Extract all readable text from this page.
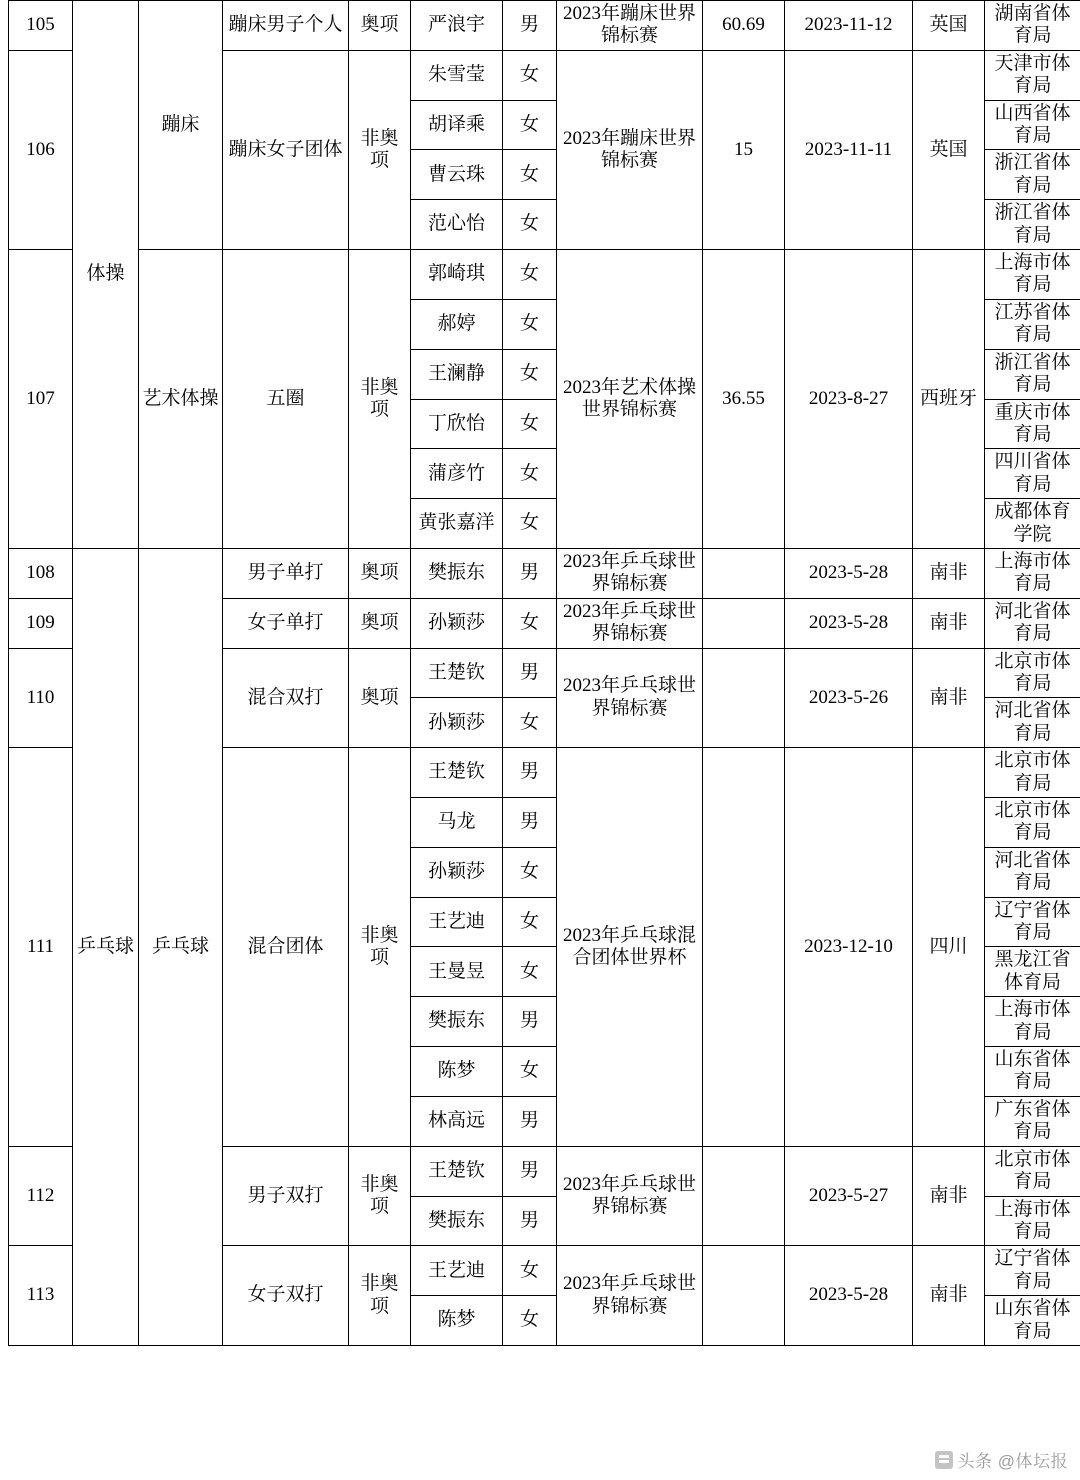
105	体操	蹦床	蹦床男子个人	奥项	严浪宇	男	2023年蹦床世界锦标赛	60.69	2023-11-12	英国	湖南省体育局
106			蹦床女子团体	非奥项	朱雪莹	女	2023年蹦床世界锦标赛	15	2023-11-11	英国	天津市体育局
					胡译乘	女					山西省体育局
					曹云珠	女					浙江省体育局
					范心怡	女					浙江省体育局
107		艺术体操	五圈	非奥项	郭崎琪	女	2023年艺术体操世界锦标赛	36.55	2023-8-27	西班牙	上海市体育局
					郝婷	女					江苏省体育局
					王澜静	女					浙江省体育局
					丁欣怡	女					重庆市体育局
					蒲彦竹	女					四川省体育局
					黄张嘉洋	女					成都体育学院
108	乒乓球	乒乓球	男子单打	奥项	樊振东	男	2023年乒乓球世界锦标赛		2023-5-28	南非	上海市体育局
109			女子单打	奥项	孙颖莎	女	2023年乒乓球世界锦标赛		2023-5-28	南非	河北省体育局
110			混合双打	奥项	王楚钦	男	2023年乒乓球世界锦标赛		2023-5-26	南非	北京市体育局
					孙颖莎	女					河北省体育局
111			混合团体	非奥项	王楚钦	男	2023年乒乓球混合团体世界杯		2023-12-10	四川	北京市体育局
					马龙	男					北京市体育局
					孙颖莎	女					河北省体育局
					王艺迪	女					辽宁省体育局
					王曼昱	女					黑龙江省体育局
					樊振东	男					上海市体育局
					陈梦	女					山东省体育局
					林高远	男					广东省体育局
112			男子双打	非奥项	王楚钦	男	2023年乒乓球世界锦标赛		2023-5-27	南非	北京市体育局
					樊振东	男					上海市体育局
113			女子双打	非奥项	王艺迪	女	2023年乒乓球世界锦标赛		2023-5-28	南非	辽宁省体育局
					陈梦	女					山东省体育局
头条 @体坛报
